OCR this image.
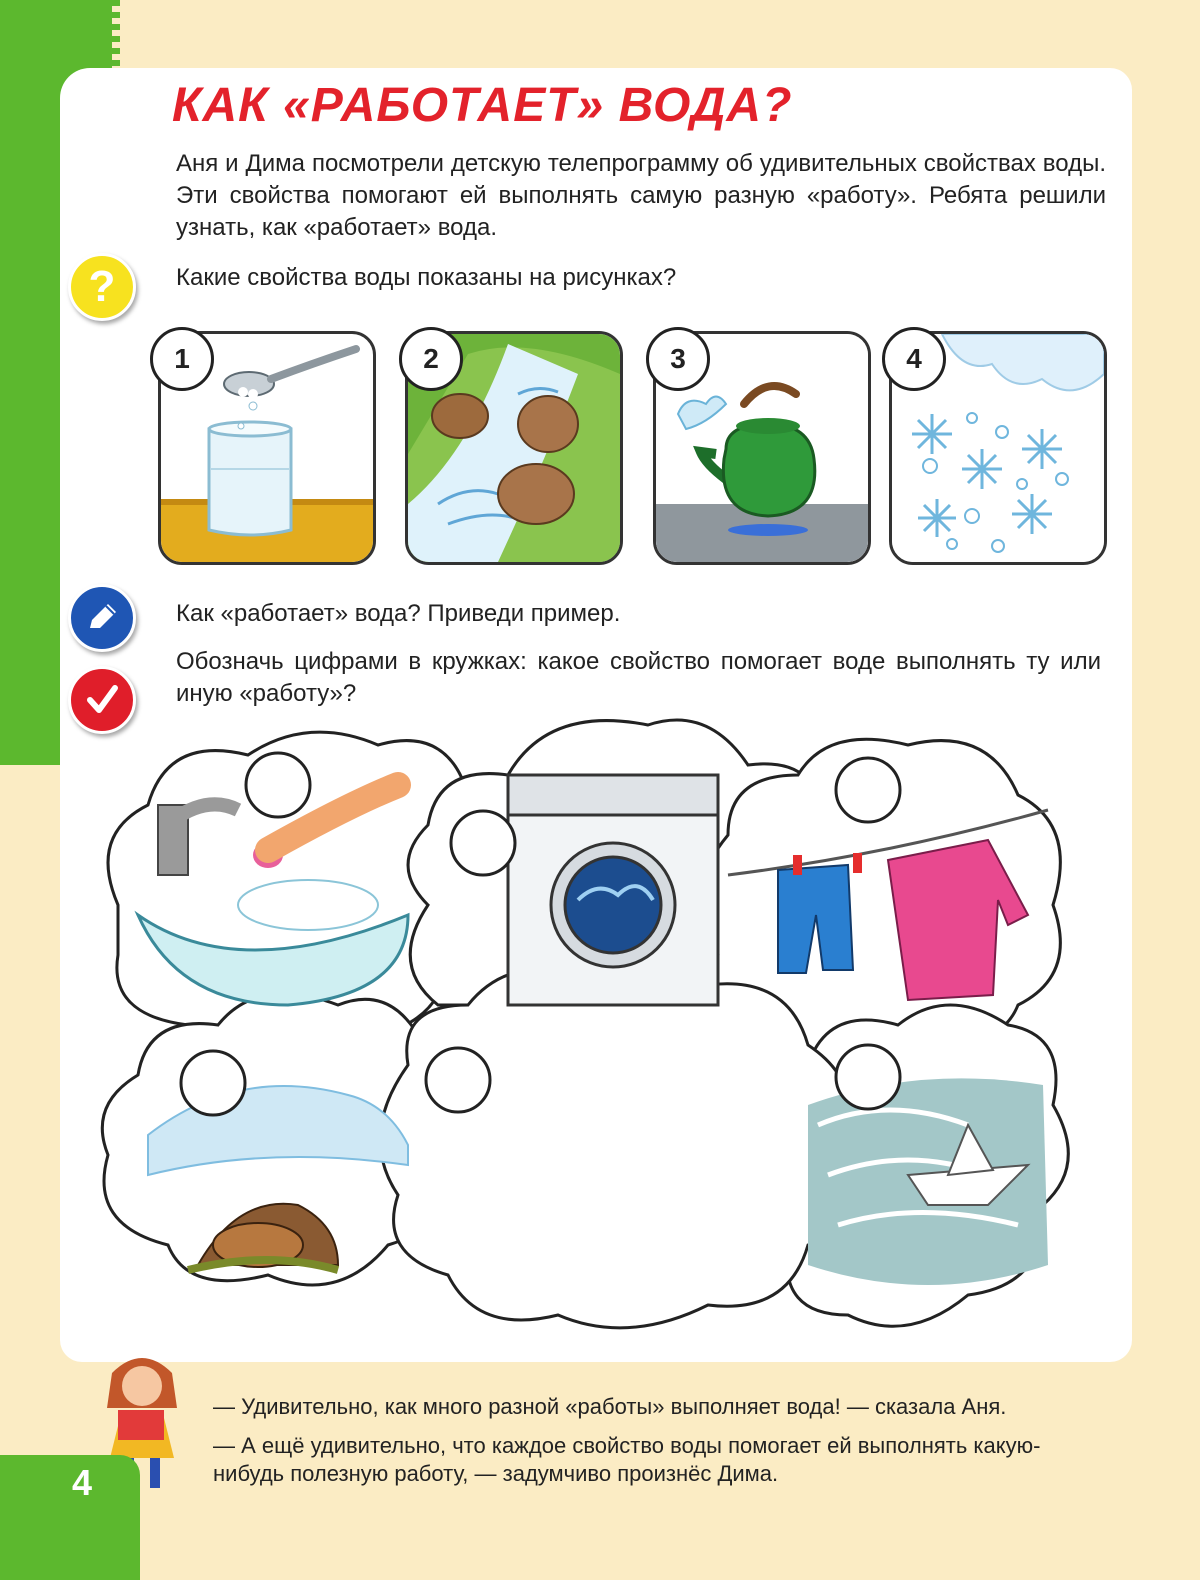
КАК «РАБОТАЕТ» ВОДА?
Аня и Дима посмотрели детскую телепрограмму об удивительных свойствах воды. Эти свойства помогают ей выполнять самую разную «работу». Ребята решили узнать, как «работает» вода.
?	Какие свойства воды показаны на рисунках?
1	2	3	4
Как «работает» вода? Приведи пример.
Обозначь цифрами в кружках: какое свойство помогает воде выполнять ту или иную «работу»?
4
— Удивительно, как много разной «работы» выполняет вода! — сказала Аня.
— А ещё удивительно, что каждое свойство воды помогает ей выполнять какую-нибудь полезную работу, — задумчиво произнёс Дима.
